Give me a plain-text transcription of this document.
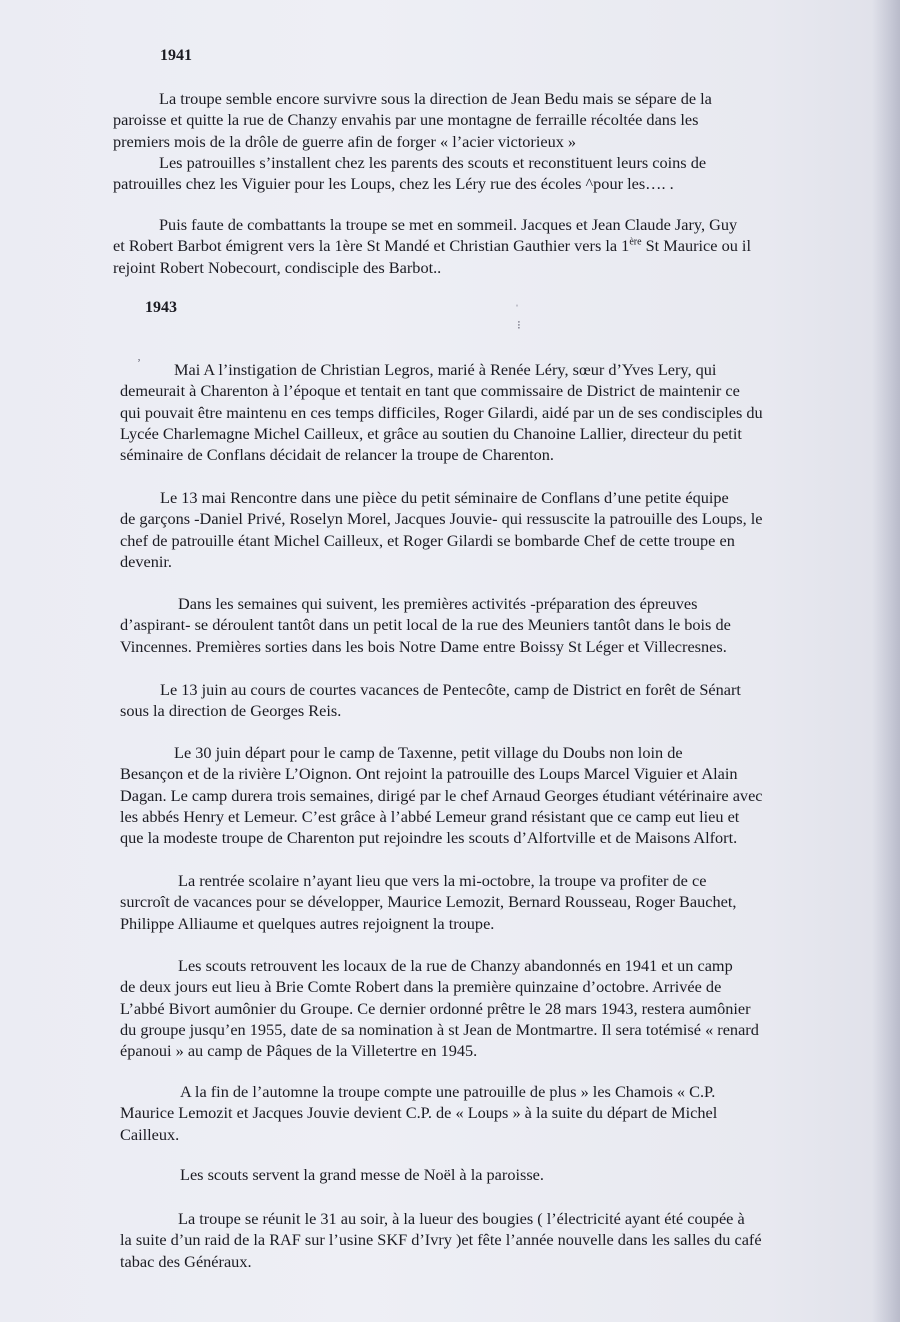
1941

La troupe semble encore survivre sous la direction de Jean Bedu mais se sépare de la
paroisse et quitte la rue de Chanzy envahis par une montagne de ferraille récoltée dans les
premiers mois de la drôle de guerre afin de forger « l’acier victorieux »

Les patrouilles s’installent chez les parents des scouts et reconstituent leurs coins de
patrouilles chez les Viguier pour les Loups, chez les Léry rue des écoles ^pour les…. .

Puis faute de combattants la troupe se met en sommeil. Jacques et Jean Claude Jary, Guy
et Robert Barbot émigrent vers la 1ère St Mandé et Christian Gauthier vers la 1ère St Maurice ou il
rejoint Robert Nobecourt, condisciple des Barbot..

1943	ˈ
⁝
ʼ	Mai A l’instigation de Christian Legros, marié à Renée Léry, sœur d’Yves Lery, qui
demeurait à Charenton à l’époque et tentait en tant que commissaire de District de maintenir ce
qui pouvait être maintenu en ces temps difficiles, Roger Gilardi, aidé par un de ses condisciples du
Lycée Charlemagne Michel Cailleux, et grâce au soutien du Chanoine Lallier, directeur du petit
séminaire de Conflans décidait de relancer la troupe de Charenton.

Le 13 mai Rencontre dans une pièce du petit séminaire de Conflans d’une petite équipe
de garçons -Daniel Privé, Roselyn Morel, Jacques Jouvie- qui ressuscite la patrouille des Loups, le
chef de patrouille étant Michel Cailleux, et Roger Gilardi se bombarde Chef de cette troupe en
devenir.

Dans les semaines qui suivent, les premières activités -préparation des épreuves
d’aspirant- se déroulent tantôt dans un petit local de la rue des Meuniers tantôt dans le bois de
Vincennes. Premières sorties dans les bois Notre Dame entre Boissy St Léger et Villecresnes.

Le 13 juin au cours de courtes vacances de Pentecôte, camp de District en forêt de Sénart
sous la direction de Georges Reis.

Le 30 juin départ pour le camp de Taxenne, petit village du Doubs non loin de
Besançon et de la rivière L’Oignon. Ont rejoint la patrouille des Loups Marcel Viguier et Alain
Dagan. Le camp durera trois semaines, dirigé par le chef Arnaud Georges étudiant vétérinaire avec
les abbés Henry et Lemeur. C’est grâce à l’abbé Lemeur grand résistant que ce camp eut lieu et
que la modeste troupe de Charenton put rejoindre les scouts d’Alfortville et de Maisons Alfort.

La rentrée scolaire n’ayant lieu que vers la mi-octobre, la troupe va profiter de ce
surcroît de vacances pour se développer, Maurice Lemozit, Bernard Rousseau, Roger Bauchet,
Philippe Alliaume et quelques autres rejoignent la troupe.

Les scouts retrouvent les locaux de la rue de Chanzy abandonnés en 1941 et un camp
de deux jours eut lieu à Brie Comte Robert dans la première quinzaine d’octobre. Arrivée de
L’abbé Bivort aumônier du Groupe. Ce dernier ordonné prêtre le 28 mars 1943, restera aumônier
du groupe jusqu’en 1955, date de sa nomination à st Jean de Montmartre. Il sera totémisé « renard
épanoui » au camp de Pâques de la Villetertre en 1945.

A la fin de l’automne la troupe compte une patrouille de plus » les Chamois « C.P.
Maurice Lemozit et Jacques Jouvie devient C.P. de « Loups » à la suite du départ de Michel
Cailleux.

Les scouts servent la grand messe de Noël à la paroisse.

La troupe se réunit le 31 au soir, à la lueur des bougies ( l’électricité ayant été coupée à
la suite d’un raid de la RAF sur l’usine SKF d’Ivry )et fête l’année nouvelle dans les salles du café
tabac des Généraux.
